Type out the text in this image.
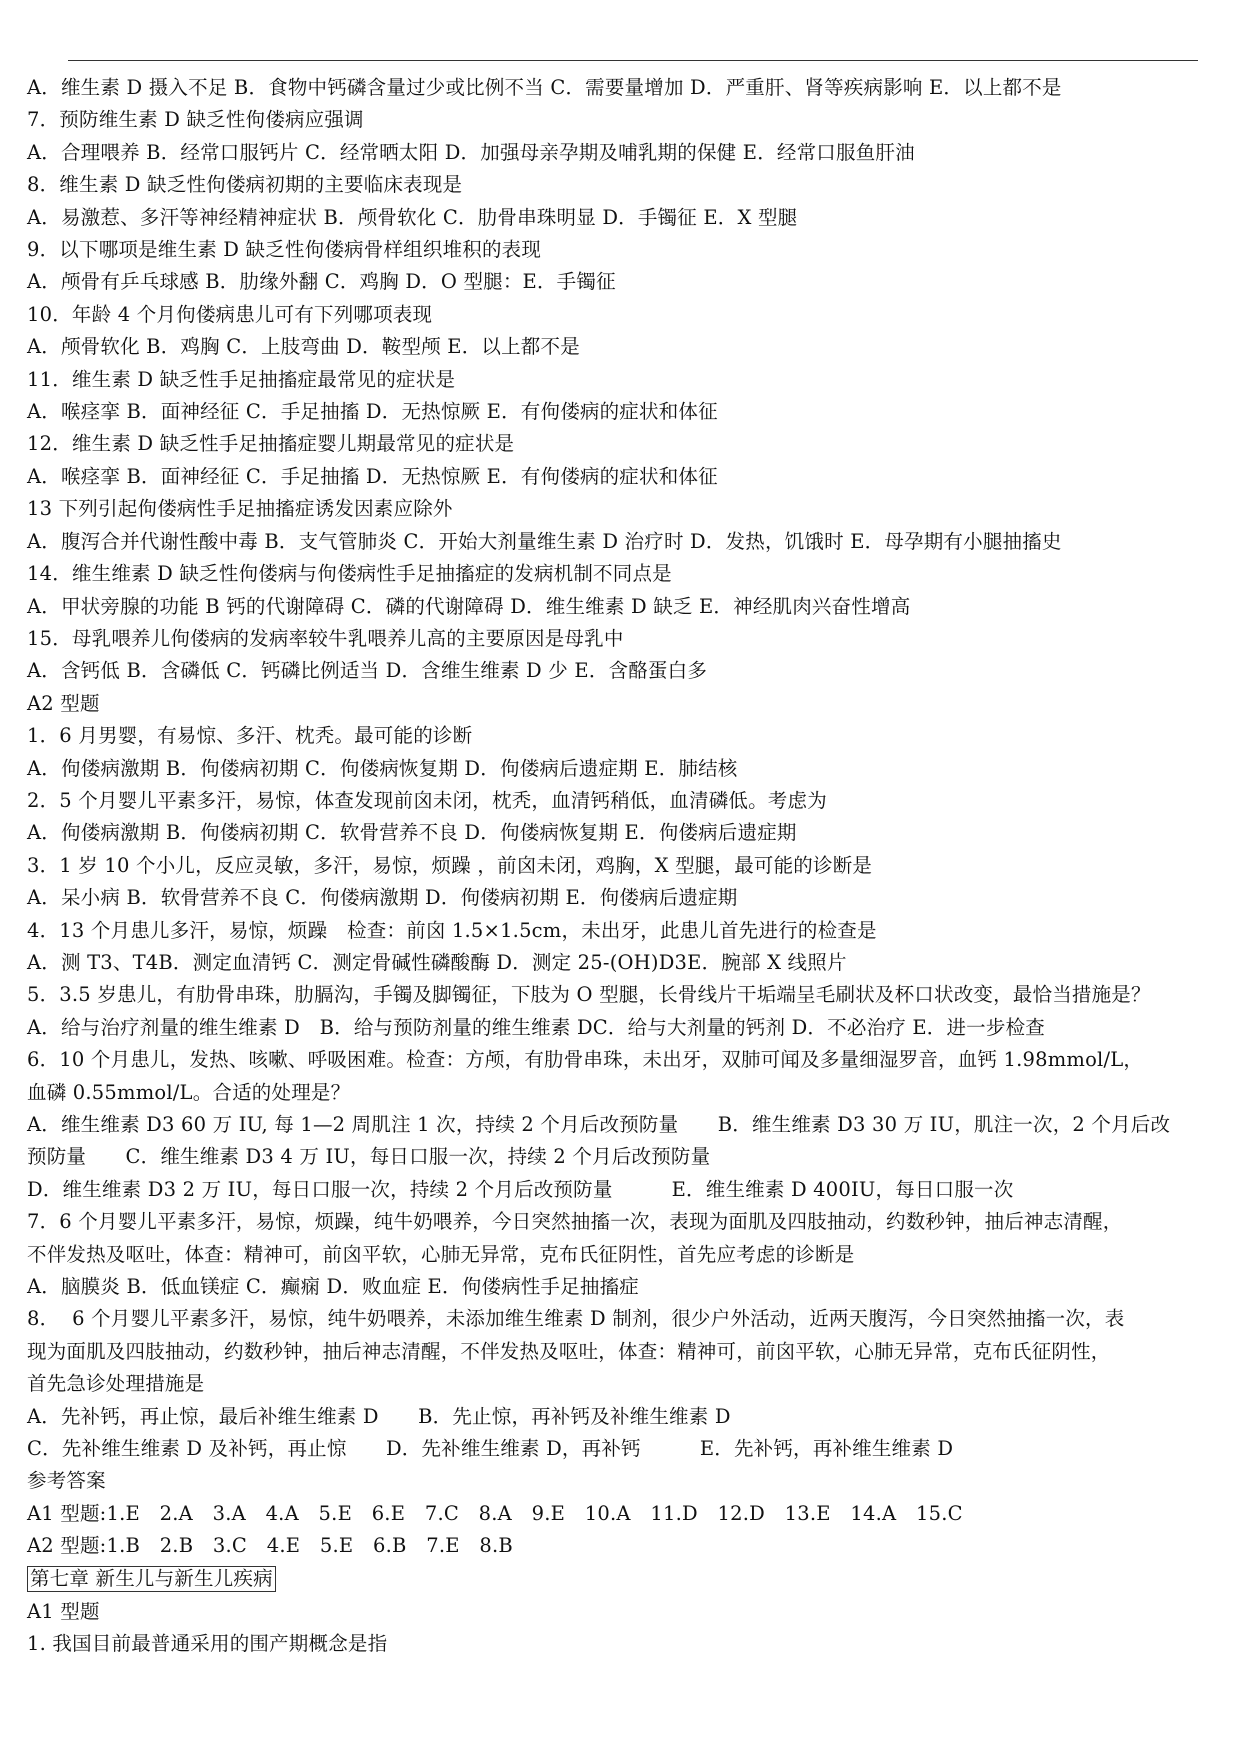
A．维生素 D 摄入不足 B．食物中钙磷含量过少或比例不当 C．需要量增加 D．严重肝、肾等疾病影响 E．以上都不是
7．预防维生素 D 缺乏性佝偻病应强调
A．合理喂养 B．经常口服钙片 C．经常晒太阳 D．加强母亲孕期及哺乳期的保健 E．经常口服鱼肝油
8．维生素 D 缺乏性佝偻病初期的主要临床表现是
A．易激惹、多汗等神经精神症状 B．颅骨软化 C．肋骨串珠明显 D．手镯征 E．X 型腿
9．以下哪项是维生素 D 缺乏性佝偻病骨样组织堆积的表现
A．颅骨有乒乓球感 B．肋缘外翻 C．鸡胸 D．O 型腿：E．手镯征
10．年龄 4 个月佝偻病患儿可有下列哪项表现
A．颅骨软化 B．鸡胸 C．上肢弯曲 D．鞍型颅 E．以上都不是
11．维生素 D 缺乏性手足抽搐症最常见的症状是
A．喉痉挛 B．面神经征 C．手足抽搐 D．无热惊厥 E．有佝偻病的症状和体征
12．维生素 D 缺乏性手足抽搐症婴儿期最常见的症状是
A．喉痉挛 B．面神经征 C．手足抽搐 D．无热惊厥 E．有佝偻病的症状和体征
13 下列引起佝偻病性手足抽搐症诱发因素应除外
A．腹泻合并代谢性酸中毒 B．支气管肺炎 C．开始大剂量维生素 D 治疗时 D．发热，饥饿时 E．母孕期有小腿抽搐史
14．维生维素 D 缺乏性佝偻病与佝偻病性手足抽搐症的发病机制不同点是
A．甲状旁腺的功能 B 钙的代谢障碍 C．磷的代谢障碍 D．维生维素 D 缺乏 E．神经肌肉兴奋性增高
15．母乳喂养儿佝偻病的发病率较牛乳喂养儿高的主要原因是母乳中
A．含钙低 B．含磷低 C．钙磷比例适当 D．含维生维素 D 少 E．含酪蛋白多
A2 型题
1．6 月男婴，有易惊、多汗、枕秃。最可能的诊断
A．佝偻病激期 B．佝偻病初期 C．佝偻病恢复期 D．佝偻病后遗症期 E．肺结核
2．5 个月婴儿平素多汗，易惊，体查发现前囟未闭，枕秃，血清钙稍低，血清磷低。考虑为
A．佝偻病激期 B．佝偻病初期 C．软骨营养不良 D．佝偻病恢复期 E．佝偻病后遗症期
3．1 岁 10 个小儿，反应灵敏，多汗，易惊，烦躁 ，前囟未闭，鸡胸，X 型腿，最可能的诊断是
A．呆小病 B．软骨营养不良 C．佝偻病激期 D．佝偻病初期 E．佝偻病后遗症期
4．13 个月患儿多汗，易惊，烦躁　检查：前囟 1.5×1.5cm，未出牙，此患儿首先进行的检查是
A．测 T3、T4B．测定血清钙 C．测定骨碱性磷酸酶 D．测定 25-(OH)D3E．腕部 X 线照片
5．3.5 岁患儿，有肋骨串珠，肋膈沟，手镯及脚镯征，下肢为 O 型腿，长骨线片干垢端呈毛刷状及杯口状改变，最恰当措施是？
A．给与治疗剂量的维生维素 D　B．给与预防剂量的维生维素 DC．给与大剂量的钙剂 D．不必治疗 E．进一步检查
6．10 个月患儿，发热、咳嗽、呼吸困难。检查：方颅，有肋骨串珠，未出牙，双肺可闻及多量细湿罗音，血钙 1.98mmol/L，
血磷 0.55mmol/L。合适的处理是？
A．维生维素 D3 60 万 IU, 每 1—2 周肌注 1 次，持续 2 个月后改预防量　　B．维生维素 D3 30 万 IU，肌注一次，2 个月后改
预防量　　C．维生维素 D3 4 万 IU，每日口服一次，持续 2 个月后改预防量
D．维生维素 D3 2 万 IU，每日口服一次，持续 2 个月后改预防量　　　E．维生维素 D 400IU，每日口服一次
7．6 个月婴儿平素多汗，易惊，烦躁，纯牛奶喂养，今日突然抽搐一次，表现为面肌及四肢抽动，约数秒钟，抽后神志清醒，
不伴发热及呕吐，体查：精神可，前囟平软，心肺无异常，克布氏征阴性，首先应考虑的诊断是
A．脑膜炎 B．低血镁症 C．癫痫 D．败血症 E．佝偻病性手足抽搐症
8．  6 个月婴儿平素多汗，易惊，纯牛奶喂养，未添加维生维素 D 制剂，很少户外活动，近两天腹泻，今日突然抽搐一次，表
现为面肌及四肢抽动，约数秒钟，抽后神志清醒，不伴发热及呕吐，体查：精神可，前囟平软，心肺无异常，克布氏征阴性，
首先急诊处理措施是
A．先补钙，再止惊，最后补维生维素 D　　B．先止惊，再补钙及补维生维素 D
C．先补维生维素 D 及补钙，再止惊　　D．先补维生维素 D，再补钙　　　E．先补钙，再补维生维素 D
参考答案
A1 型题:1.E　2.A　3.A　4.A　5.E　6.E　7.C　8.A　9.E　10.A　11.D　12.D　13.E　14.A　15.C
A2 型题:1.B　2.B　3.C　4.E　5.E　6.B　7.E　8.B
第七章 新生儿与新生儿疾病
A1 型题
1. 我国目前最普通采用的围产期概念是指
